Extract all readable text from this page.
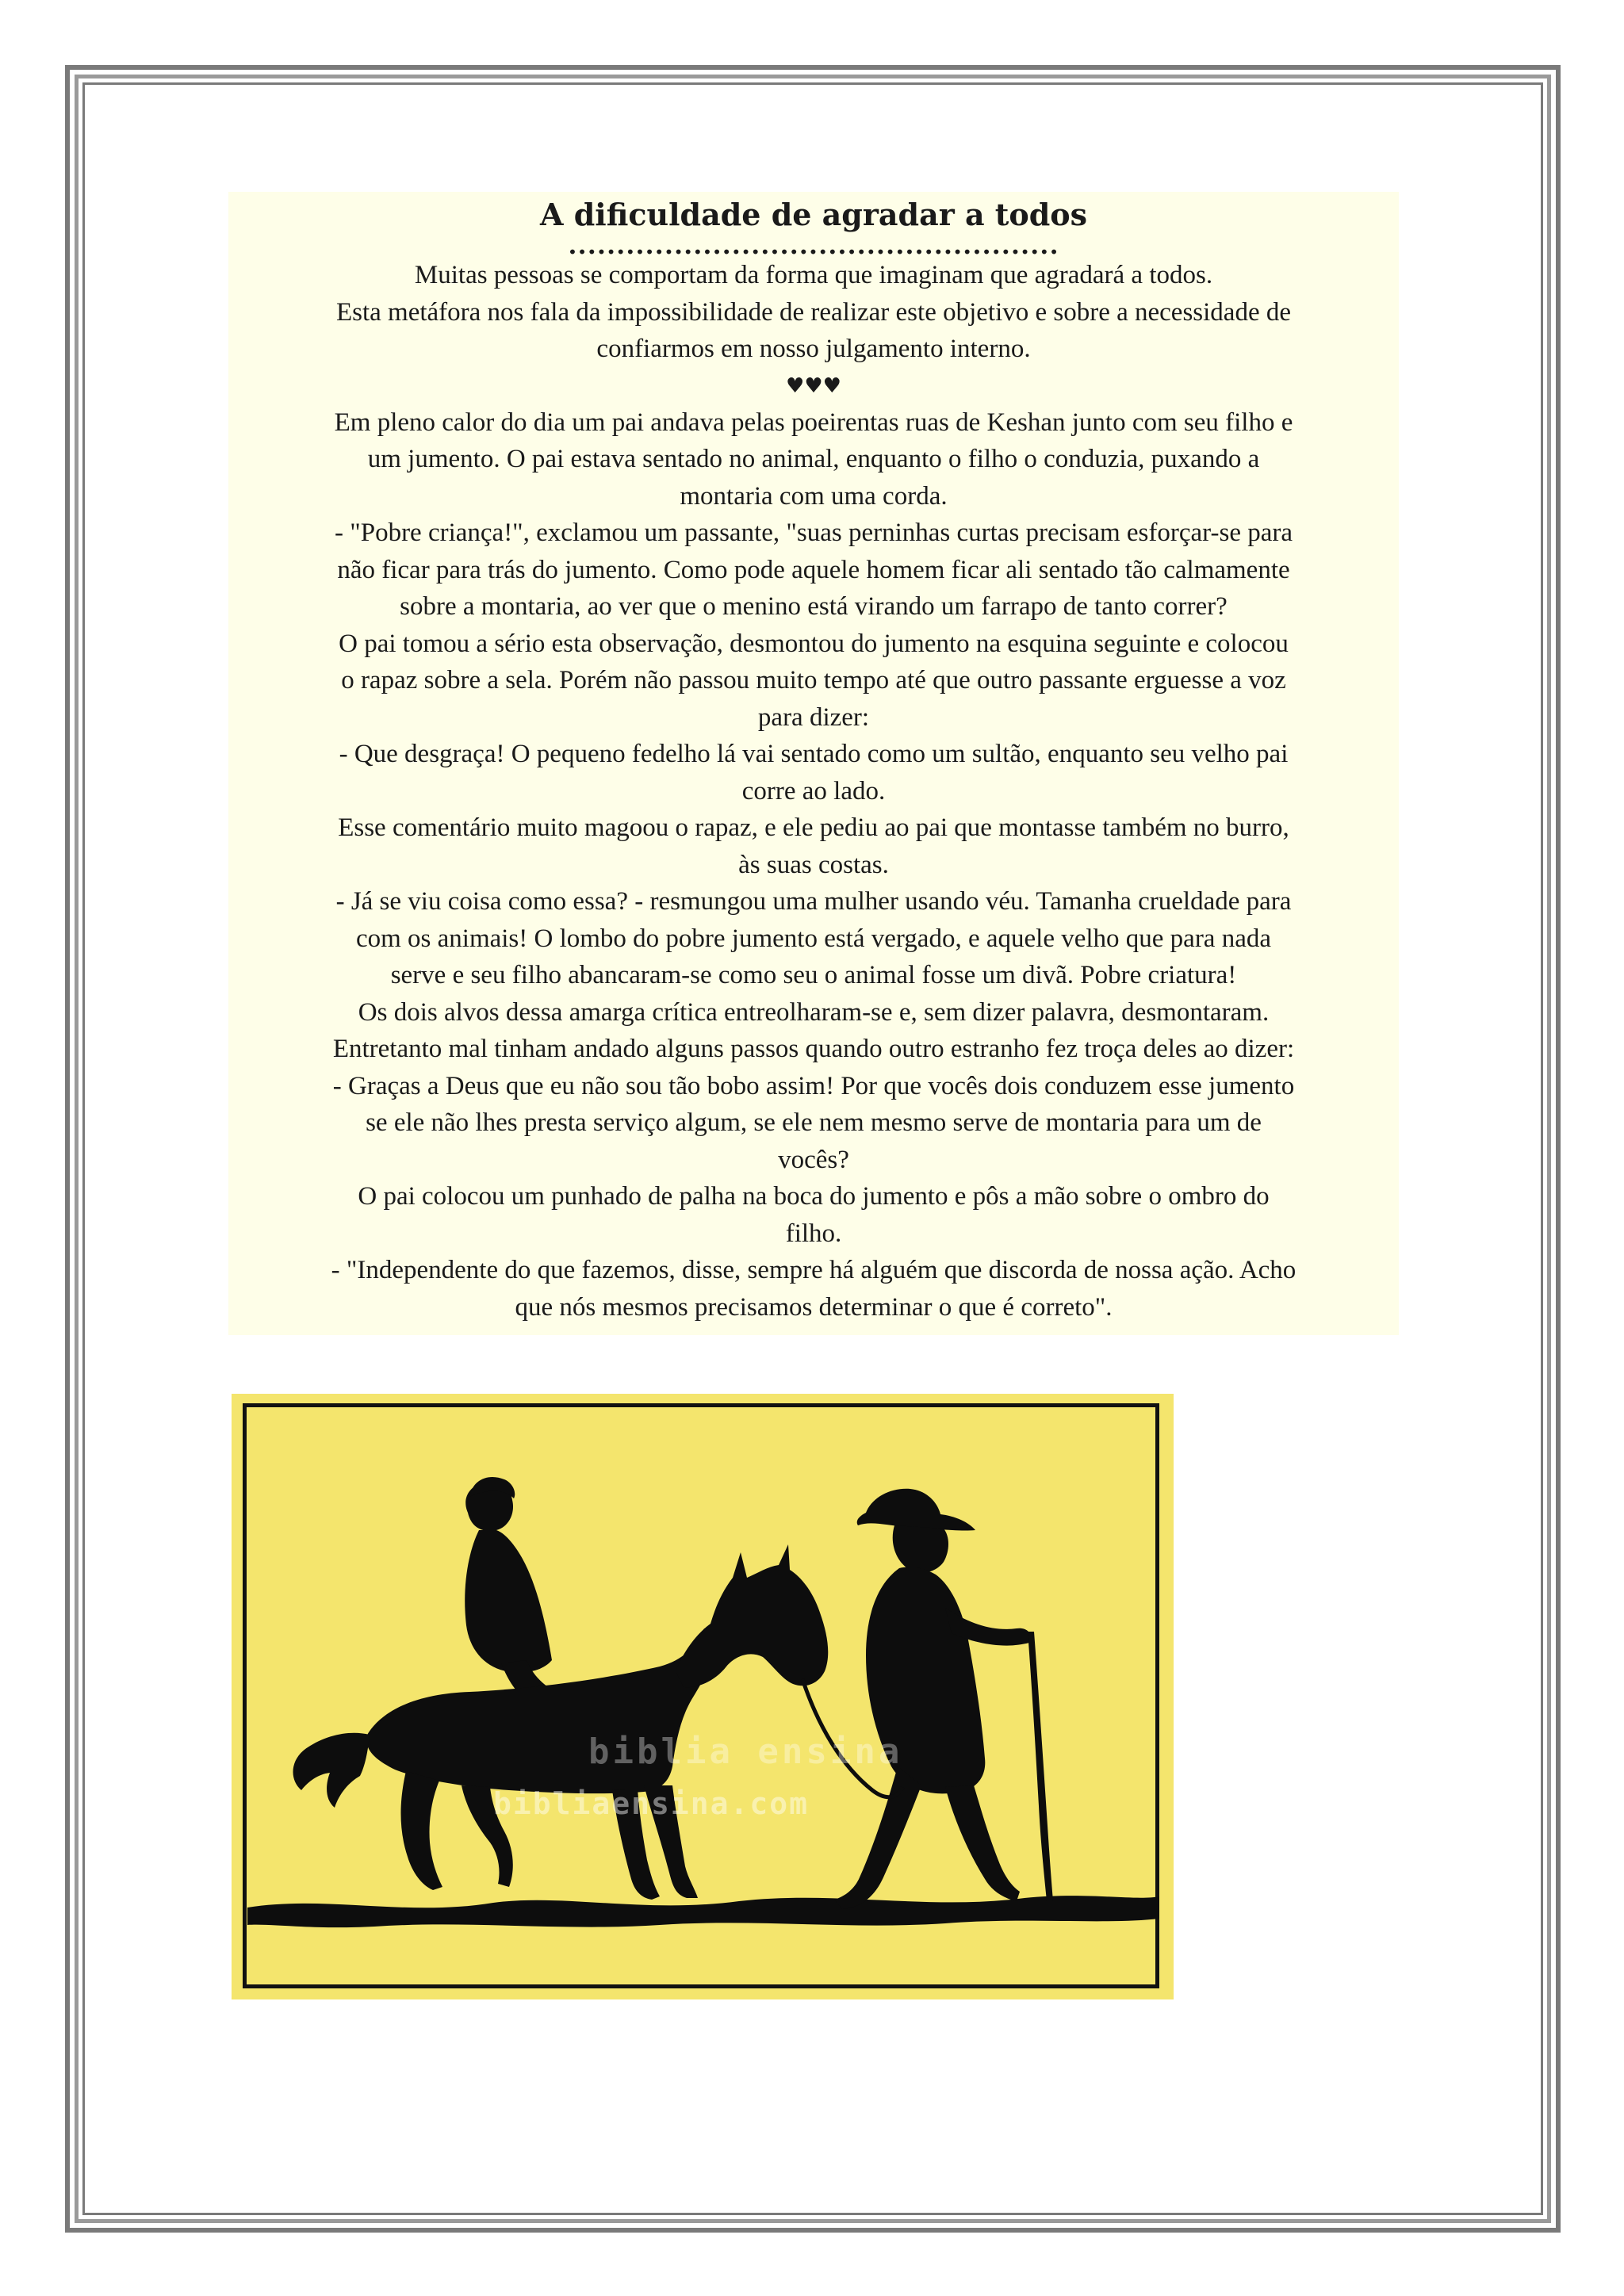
A dificuldade de agradar a todos

...................................................

Muitas pessoas se comportam da forma que imaginam que agradará a todos.

Esta metáfora nos fala da impossibilidade de realizar este objetivo e sobre a necessidade de

confiarmos em nosso julgamento interno.

♥♥♥

Em pleno calor do dia um pai andava pelas poeirentas ruas de Keshan junto com seu filho e

um jumento. O pai estava sentado no animal, enquanto o filho o conduzia, puxando a

montaria com uma corda.

- "Pobre criança!", exclamou um passante, "suas perninhas curtas precisam esforçar-se para

não ficar para trás do jumento. Como pode aquele homem ficar ali sentado tão calmamente

sobre a montaria, ao ver que o menino está virando um farrapo de tanto correr?

O pai tomou a sério esta observação, desmontou do jumento na esquina seguinte e colocou

o rapaz sobre a sela. Porém não passou muito tempo até que outro passante erguesse a voz

para dizer:

- Que desgraça! O pequeno fedelho lá vai sentado como um sultão, enquanto seu velho pai

corre ao lado.

Esse comentário muito magoou o rapaz, e ele pediu ao pai que montasse também no burro,

às suas costas.

- Já se viu coisa como essa? - resmungou uma mulher usando véu. Tamanha crueldade para

com os animais! O lombo do pobre jumento está vergado, e aquele velho que para nada

serve e seu filho abancaram-se como seu o animal fosse um divã. Pobre criatura!

Os dois alvos dessa amarga crítica entreolharam-se e, sem dizer palavra, desmontaram.

Entretanto mal tinham andado alguns passos quando outro estranho fez troça deles ao dizer:

- Graças a Deus que eu não sou tão bobo assim! Por que vocês dois conduzem esse jumento

se ele não lhes presta serviço algum, se ele nem mesmo serve de montaria para um de

vocês?

O pai colocou um punhado de palha na boca do jumento e pôs a mão sobre o ombro do

filho.

- "Independente do que fazemos, disse, sempre há alguém que discorda de nossa ação. Acho

que nós mesmos precisamos determinar o que é correto".

biblia ensina
bibliaensina.com
